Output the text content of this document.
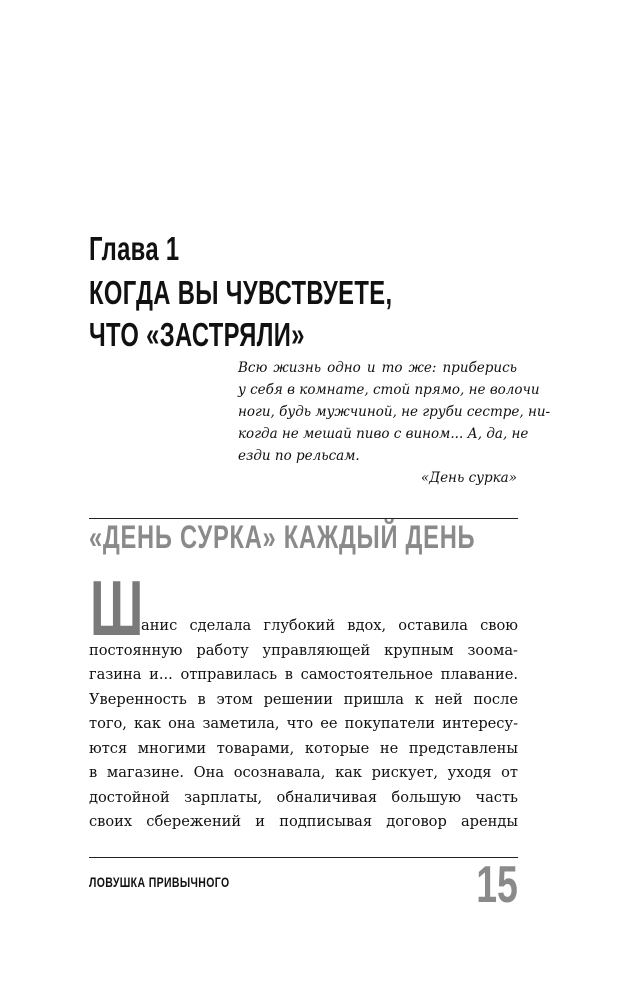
Глава 1
КОГДА ВЫ ЧУВСТВУЕТЕ,
ЧТО «ЗАСТРЯЛИ»
Всю жизнь одно и то же: приберись
у себя в комнате, стой прямо, не волочи
ноги, будь мужчиной, не груби сестре, ни-
когда не мешай пиво с вином... А, да, не
езди по рельсам.
«День сурка»
«ДЕНЬ СУРКА» КАЖДЫЙ ДЕНЬ
Ш
анис сделала глубокий вдох, оставила свою
постоянную работу управляющей крупным зоома-
газина и... отправилась в самостоятельное плавание.
Уверенность в этом решении пришла к ней после
того, как она заметила, что ее покупатели интересу-
ются многими товарами, которые не представлены
в магазине. Она осознавала, как рискует, уходя от
достойной зарплаты, обналичивая большую часть
своих сбережений и подписывая договор аренды
ЛОВУШКА ПРИВЫЧНОГО	15
